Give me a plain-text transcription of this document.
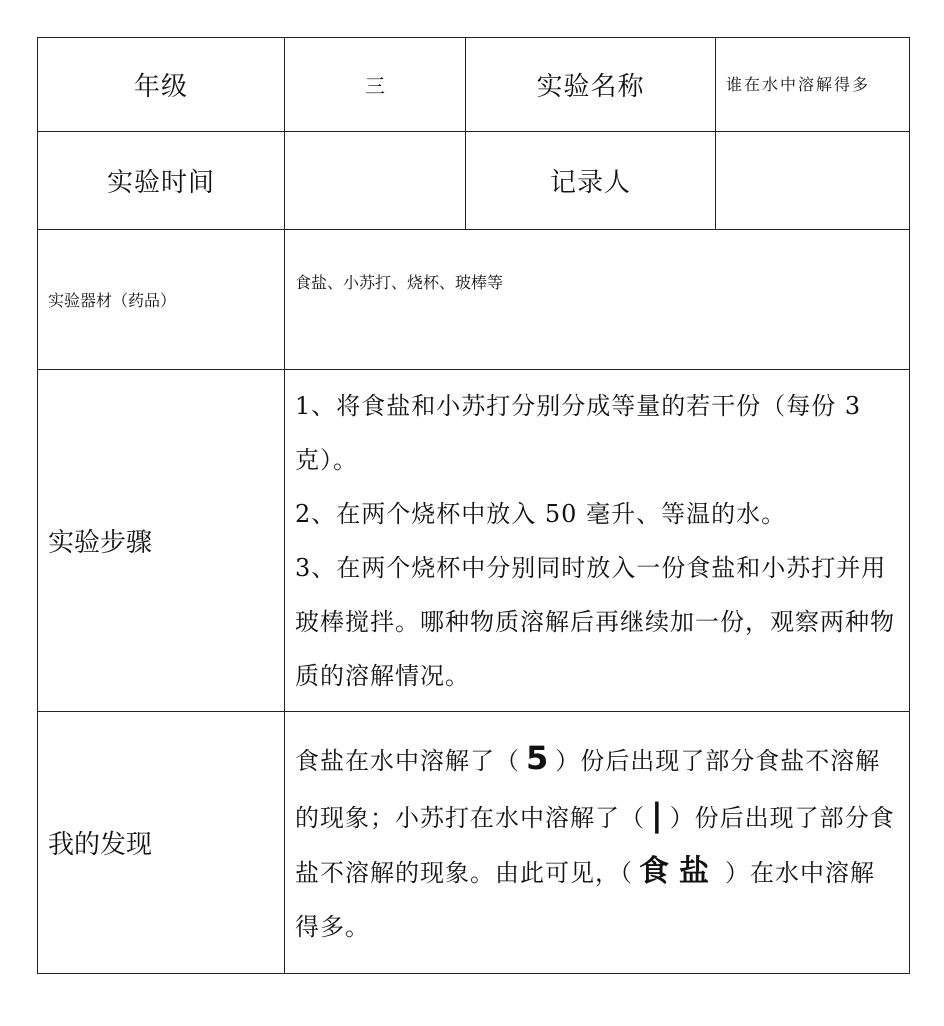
年级	三	实验名称	谁在水中溶解得多
实验时间		记录人	
实验器材（药品）	食盐、小苏打、烧杯、玻棒等		
实验步骤	1、将食盐和小苏打分别分成等量的若干份（每份 3 克）。
2、在两个烧杯中放入 50 毫升、等温的水。
3、在两个烧杯中分别同时放入一份食盐和小苏打并用玻棒搅拌。哪种物质溶解后再继续加一份，观察两种物质的溶解情况。		

我的发现	食盐在水中溶解了（ 5 ）份后出现了部分食盐不溶解的现象；小苏打在水中溶解了（ | ）份后出现了部分食盐不溶解的现象。由此可见，（ 食盐 ）在水中溶解得多。		
